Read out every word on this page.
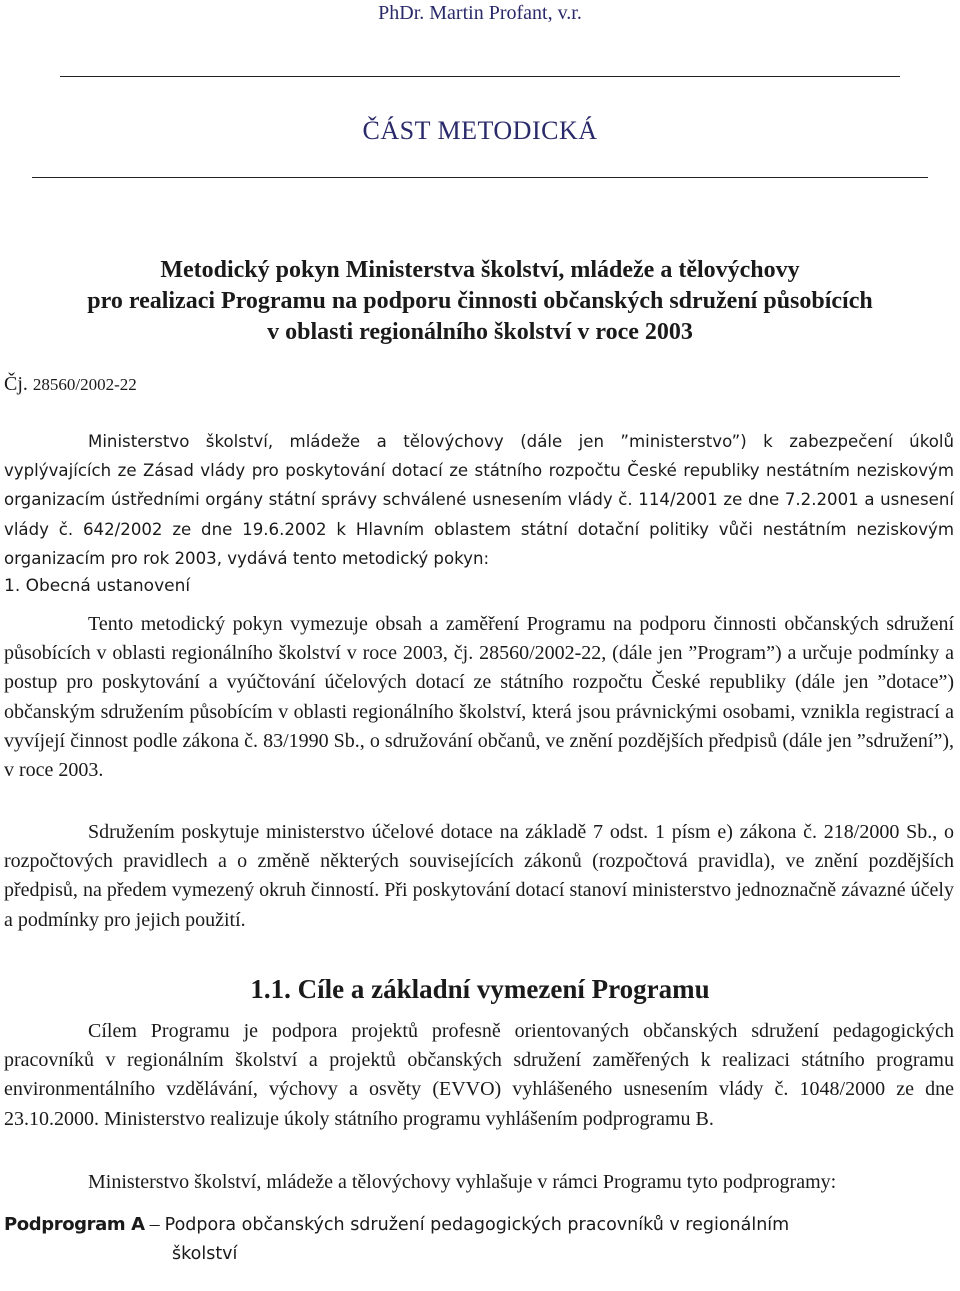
PhDr. Martin Profant, v.r.
ČÁST METODICKÁ
Metodický pokyn Ministerstva školství, mládeže a tělovýchovy
pro realizaci Programu na podporu činnosti občanských sdružení působících
v oblasti regionálního školství v roce 2003
Čj. 28560/2002-22
Ministerstvo školství, mládeže a tělovýchovy (dále jen ”ministerstvo”) k zabezpečení úkolů vyplývajících ze Zásad vlády pro poskytování dotací ze státního rozpočtu České republiky nestátním neziskovým organizacím ústředními orgány státní správy schválené usnesením vlády č. 114/2001 ze dne 7.2.2001 a usnesení vlády č. 642/2002 ze dne 19.6.2002 k Hlavním oblastem státní dotační politiky vůči nestátním neziskovým organizacím pro rok 2003, vydává tento metodický pokyn:
1. Obecná ustanovení
Tento metodický pokyn vymezuje obsah a zaměření Programu na podporu činnosti občanských sdružení působících v oblasti regionálního školství v roce 2003, čj. 28560/2002-22, (dále jen ”Program”) a určuje podmínky a postup pro poskytování a vyúčtování účelových dotací ze státního rozpočtu České republiky (dále jen ”dotace”) občanským sdružením působícím v oblasti regionálního školství, která jsou právnickými osobami, vznikla registrací a vyvíjejí činnost podle zákona č. 83/1990 Sb., o sdružování občanů, ve znění pozdějších předpisů (dále jen ”sdružení”), v roce 2003.
Sdružením poskytuje ministerstvo účelové dotace na základě 7 odst. 1 písm e) zákona č. 218/2000 Sb., o rozpočtových pravidlech a o změně některých souvisejících zákonů (rozpočtová pravidla), ve znění pozdějších předpisů, na předem vymezený okruh činností. Při poskytování dotací stanoví ministerstvo jednoznačně závazné účely a podmínky pro jejich použití.
1.1. Cíle a základní vymezení Programu
Cílem Programu je podpora projektů profesně orientovaných občanských sdružení pedagogických pracovníků v regionálním školství a projektů občanských sdružení zaměřených k realizaci státního programu environmentálního vzdělávání, výchovy a osvěty (EVVO) vyhlášeného usnesením vlády č. 1048/2000 ze dne 23.10.2000. Ministerstvo realizuje úkoly státního programu vyhlášením podprogramu B.
Ministerstvo školství, mládeže a tělovýchovy vyhlašuje v rámci Programu tyto podprogramy:
Podprogram A – Podpora občanských sdružení pedagogických pracovníků v regionálním
školství
